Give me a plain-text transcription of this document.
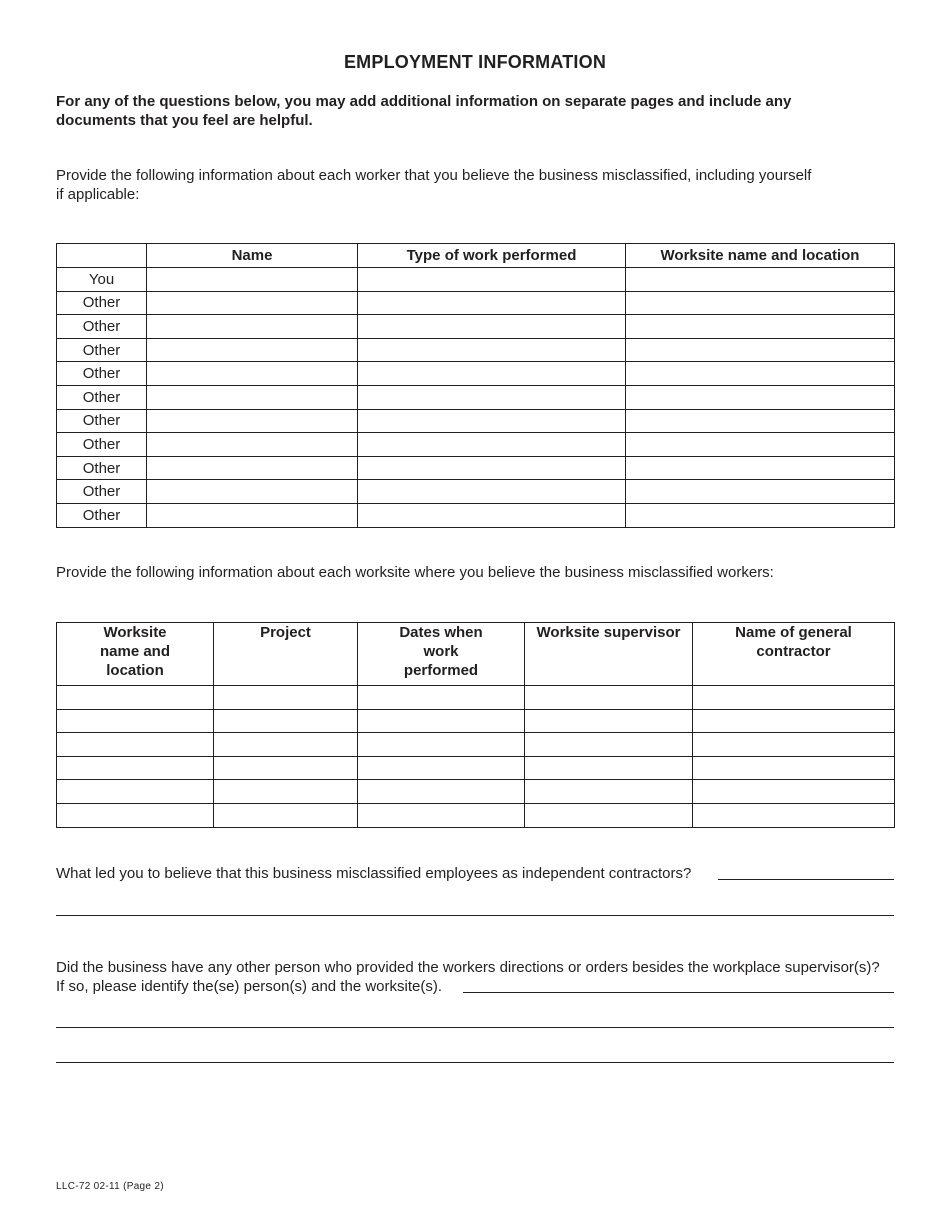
EMPLOYMENT INFORMATION
For any of the questions below, you may add additional information on separate pages and include any documents that you feel are helpful.
Provide the following information about each worker that you believe the business misclassified, including yourself if applicable:
	Name	Type of work performed	Worksite name and location
You			
Other			
Other			
Other			
Other			
Other			
Other			
Other			
Other			
Other			
Other			
Provide the following information about each worksite where you believe the business misclassified workers:
Worksite name and location	Project	Dates when work performed	Worksite supervisor	Name of general contractor

What led you to believe that this business misclassified employees as independent contractors?
Did the business have any other person who provided the workers directions or orders besides the workplace supervisor(s)?
If so, please identify the(se) person(s) and the worksite(s).
LLC-72 02-11 (Page 2)
